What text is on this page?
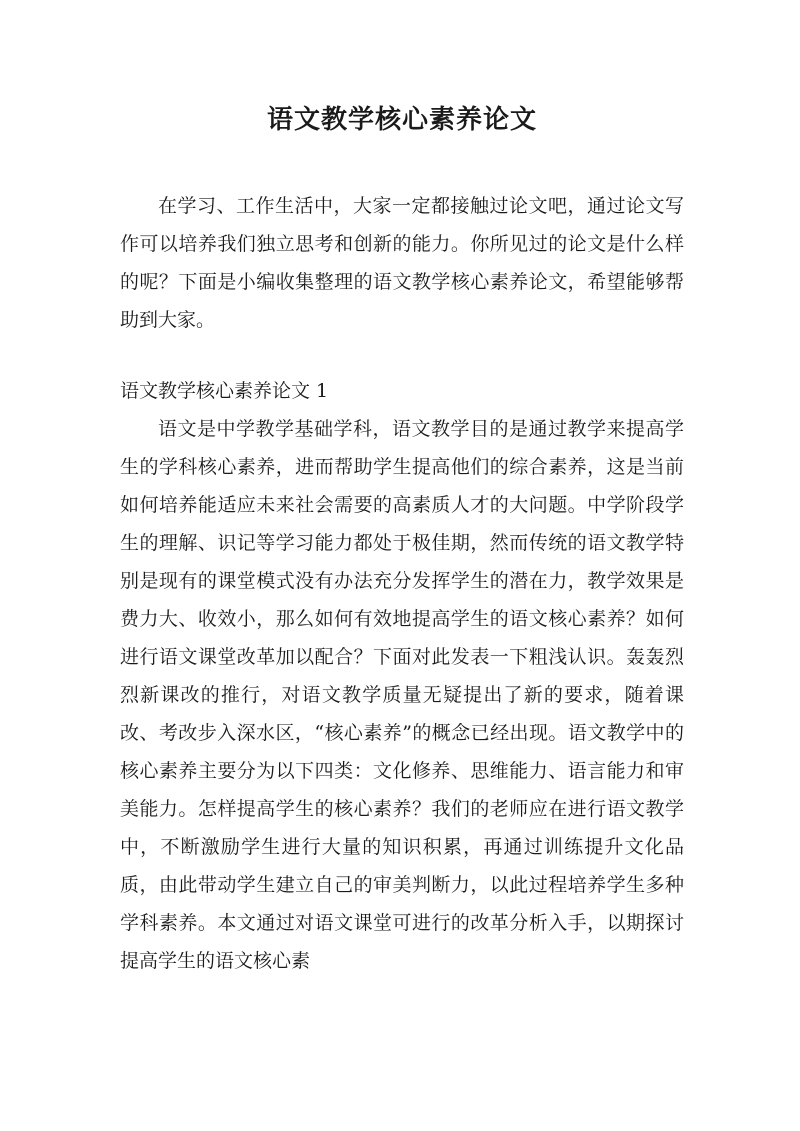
语文教学核心素养论文

在学习、工作生活中，大家一定都接触过论文吧，通过论文写作可以培养我们独立思考和创新的能力。你所见过的论文是什么样的呢？下面是小编收集整理的语文教学核心素养论文，希望能够帮助到大家。

语文教学核心素养论文 1

语文是中学教学基础学科，语文教学目的是通过教学来提高学生的学科核心素养，进而帮助学生提高他们的综合素养，这是当前如何培养能适应未来社会需要的高素质人才的大问题。中学阶段学生的理解、识记等学习能力都处于极佳期，然而传统的语文教学特别是现有的课堂模式没有办法充分发挥学生的潜在力，教学效果是费力大、收效小，那么如何有效地提高学生的语文核心素养？如何进行语文课堂改革加以配合？下面对此发表一下粗浅认识。轰轰烈烈新课改的推行，对语文教学质量无疑提出了新的要求，随着课改、考改步入深水区，“核心素养”的概念已经出现。语文教学中的核心素养主要分为以下四类：文化修养、思维能力、语言能力和审美能力。怎样提高学生的核心素养？我们的老师应在进行语文教学中，不断激励学生进行大量的知识积累，再通过训练提升文化品质，由此带动学生建立自己的审美判断力，以此过程培养学生多种学科素养。本文通过对语文课堂可进行的改革分析入手，以期探讨提高学生的语文核心素
